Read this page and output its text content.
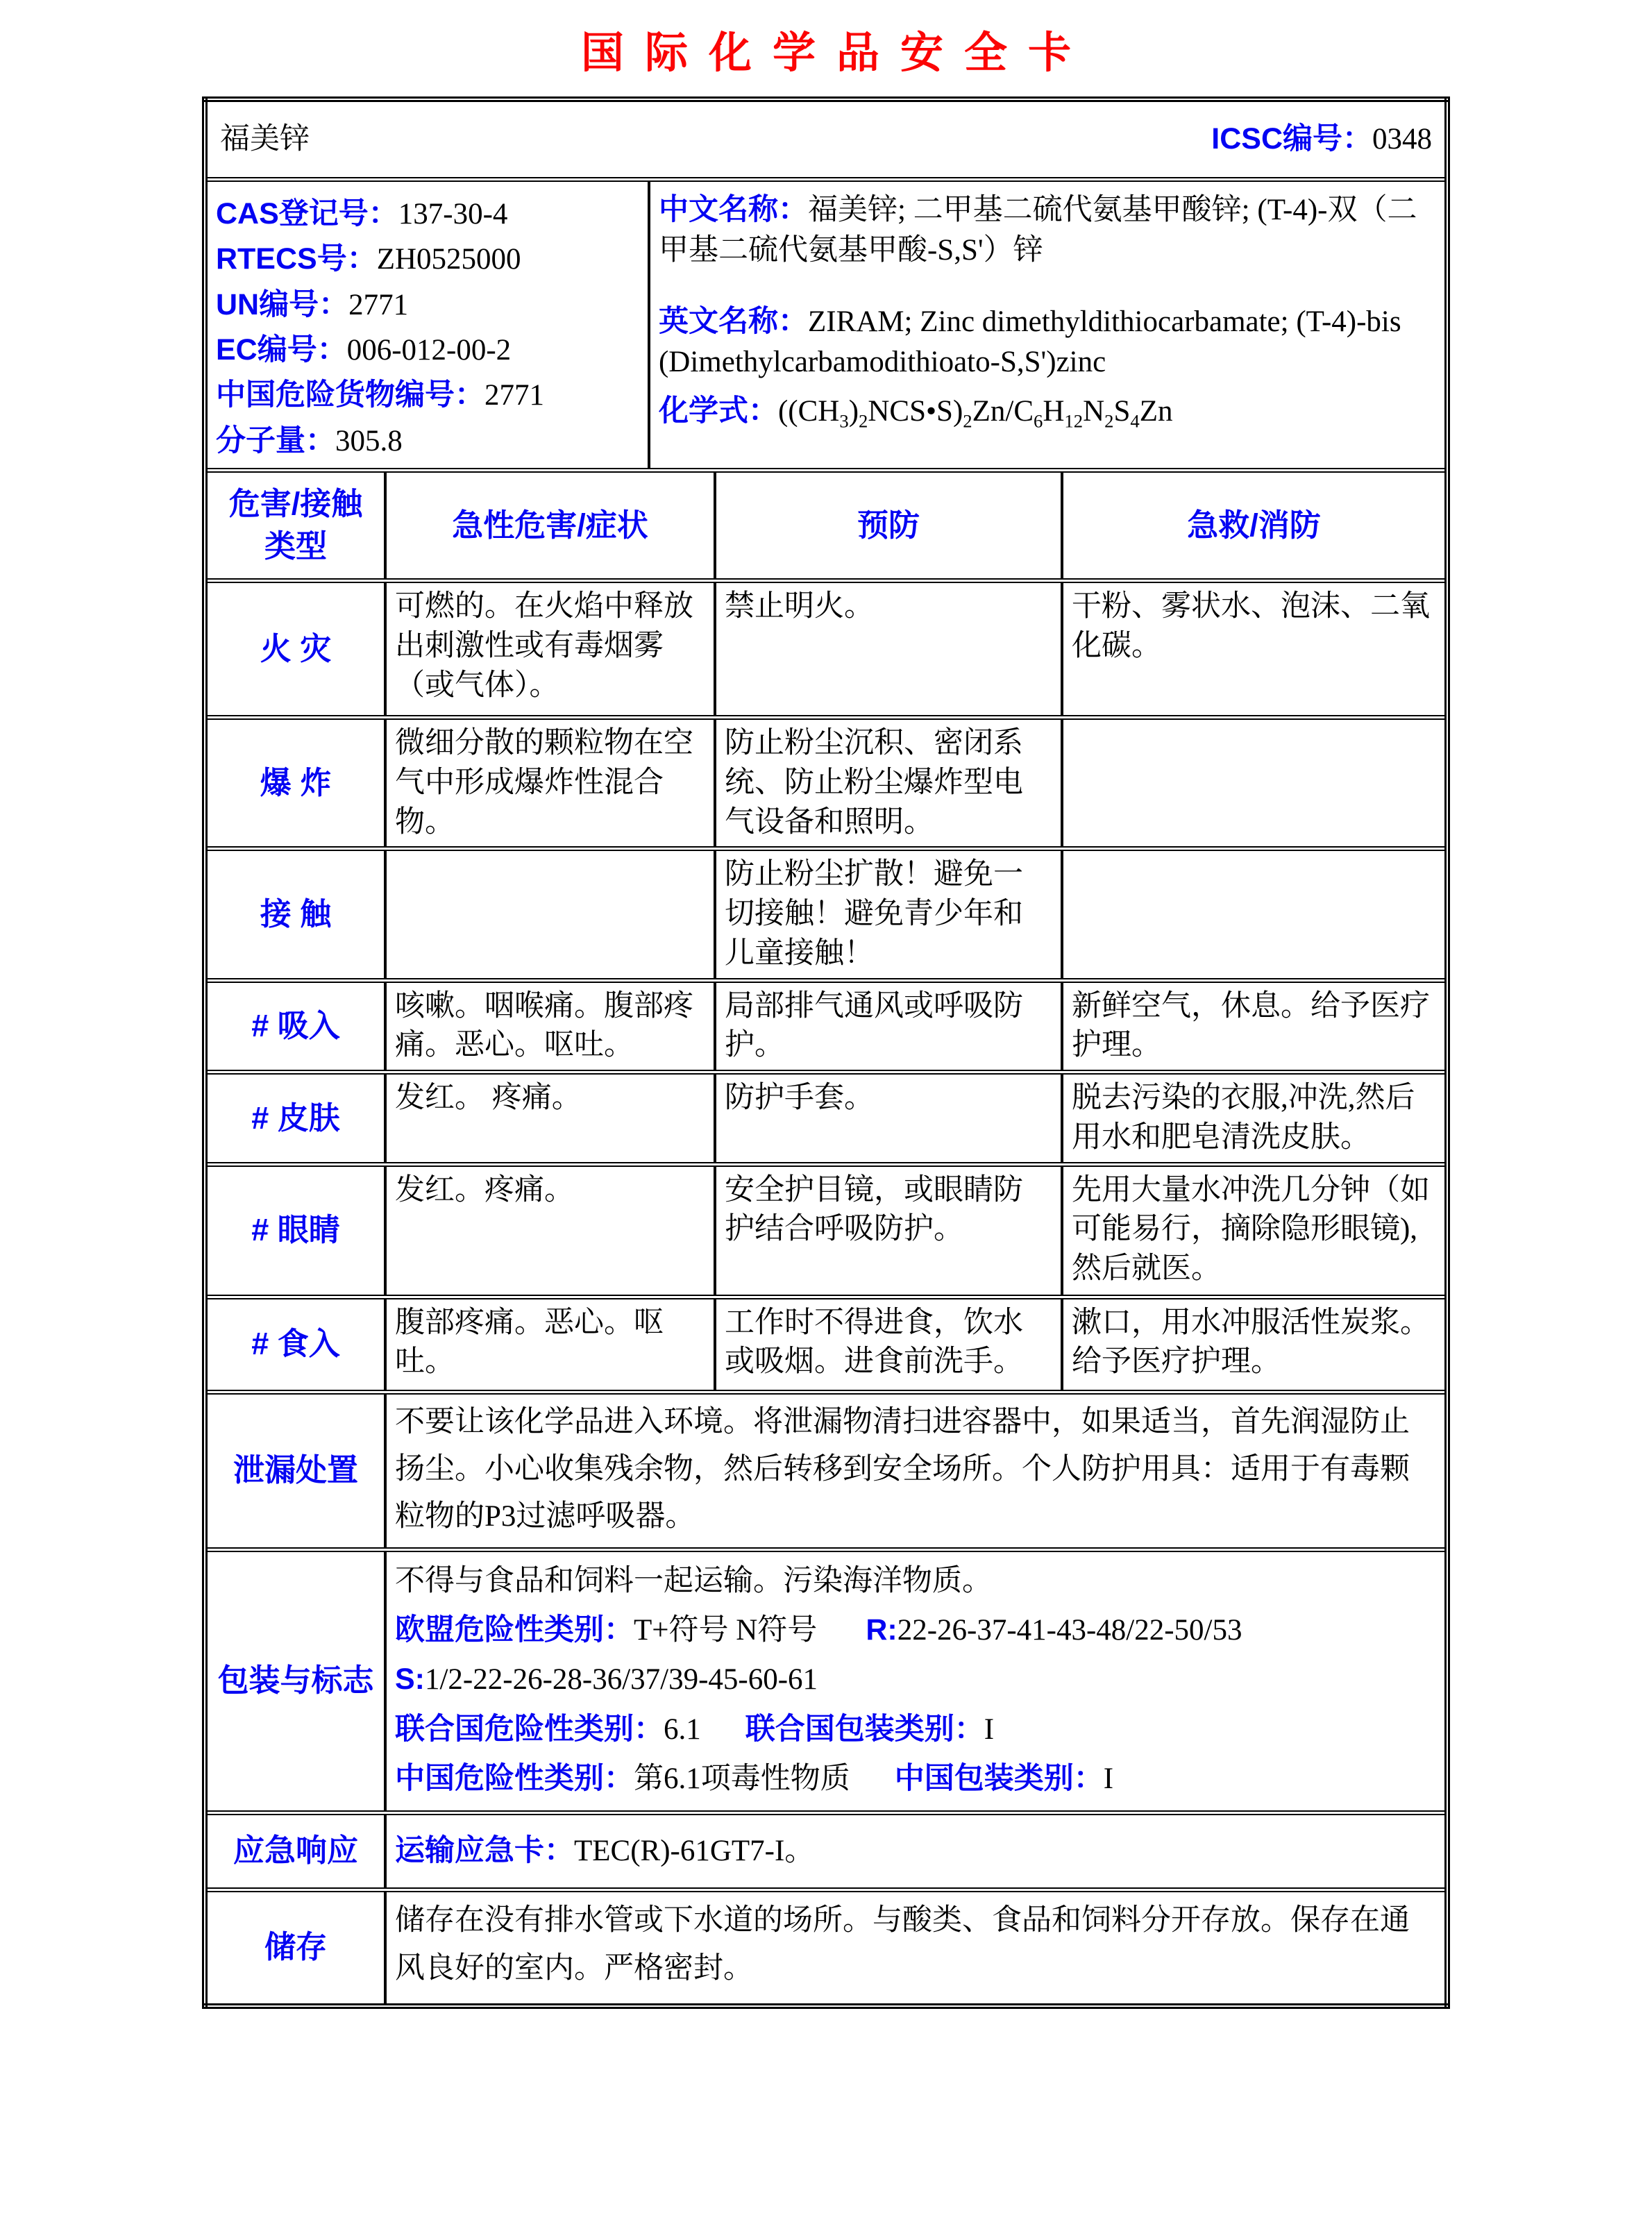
国际化学品安全卡
福美锌 ICSC编号：0348				

CAS登记号：137-30-4
RTECS号：ZH0525000
UN编号：2771
EC编号：006-012-00-2
中国危险货物编号：2771
分子量：305.8

中文名称：福美锌; 二甲基二硫代氨基甲酸锌; (T-4)-双（二甲基二硫代氨基甲酸-S,S'）锌

英文名称：ZIRAM; Zinc dimethyldithiocarbamate; (T-4)-bis (Dimethylcarbamodithioato-S,S')zinc

化学式：$((CH_3)_2NCS•S)_2Zn/C_6H_{12}N_2S_4Zn$

危害/接触类型	急性危害/症状		预防	急救/消防
火 灾	可燃的。在火焰中释放出刺激性或有毒烟雾（或气体）。		禁止明火。	干粉、雾状水、泡沫、二氧化碳。
爆 炸	微细分散的颗粒物在空气中形成爆炸性混合物。		防止粉尘沉积、密闭系统、防止粉尘爆炸型电气设备和照明。	
接 触			防止粉尘扩散！避免一切接触！避免青少年和儿童接触！	
# 吸入	咳嗽。咽喉痛。腹部疼痛。恶心。呕吐。		局部排气通风或呼吸防护。	新鲜空气，休息。给予医疗护理。
# 皮肤	发红。 疼痛。		防护手套。	脱去污染的衣服,冲洗,然后用水和肥皂清洗皮肤。
# 眼睛	发红。疼痛。		安全护目镜，或眼睛防护结合呼吸防护。	先用大量水冲洗几分钟（如可能易行，摘除隐形眼镜),然后就医。
# 食入	腹部疼痛。恶心。呕吐。		工作时不得进食，饮水或吸烟。进食前洗手。	漱口，用水冲服活性炭浆。给予医疗护理。
泄漏处置	不要让该化学品进入环境。将泄漏物清扫进容器中，如果适当，首先润湿防止扬尘。小心收集残余物，然后转移到安全场所。个人防护用具：适用于有毒颗粒物的P3过滤呼吸器。			
包装与标志	不得与食品和饲料一起运输。污染海洋物质。
欧盟危险性类别：T+符号 N符号 R:22-26-37-41-43-48/22-50/53
S:1/2-22-26-28-36/37/39-45-60-61
联合国危险性类别：6.1 联合国包装类别：I
中国危险性类别：第6.1项毒性物质 中国包装类别：I			

应急响应	运输应急卡：TEC(R)-61GT7-I。			
储存	储存在没有排水管或下水道的场所。与酸类、食品和饲料分开存放。保存在通风良好的室内。严格密封。			
